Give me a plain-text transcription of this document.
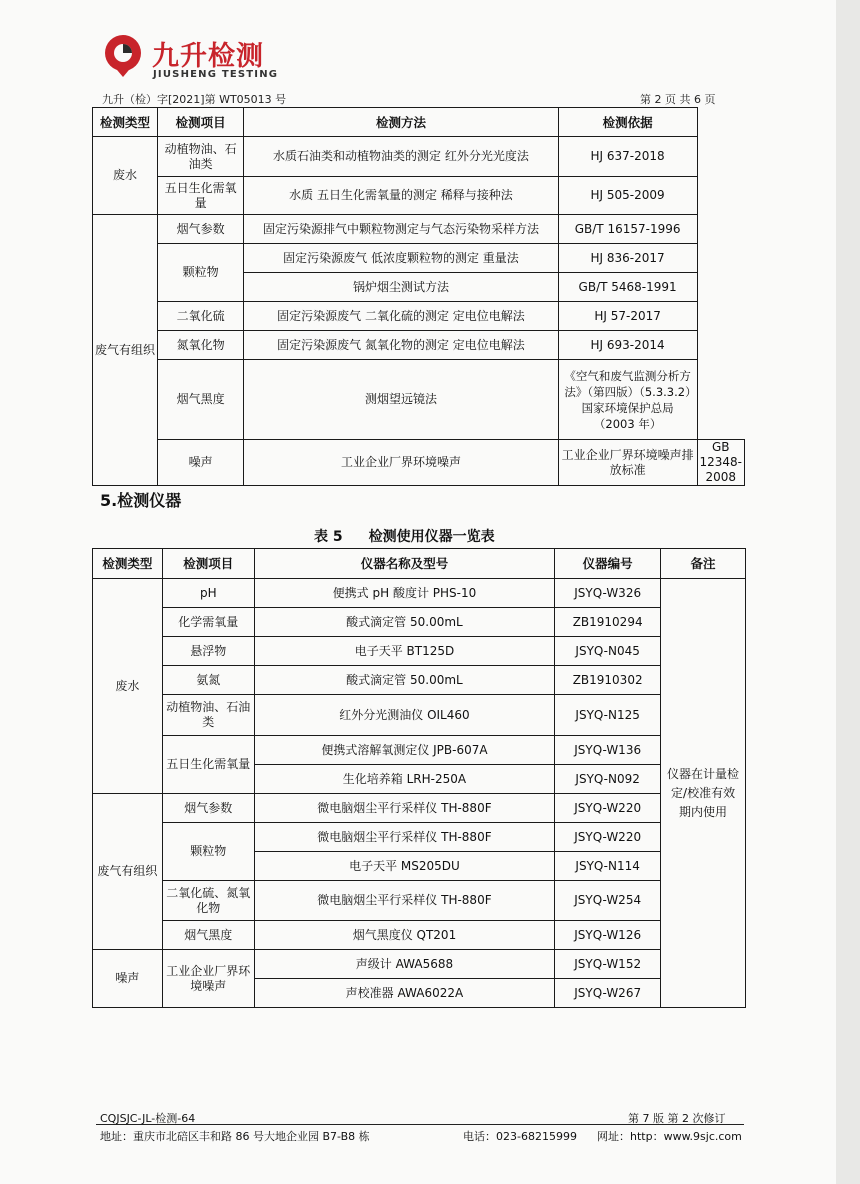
九升检测
JIUSHENG TESTING
九升（检）字[2021]第 WT05013 号	第 2 页 共 6 页
检测类型	检测项目	检测方法	检测依据	
废水	动植物油、石油类	水质石油类和动植物油类的测定 红外分光光度法	HJ 637-2018	
	五日生化需氧量	水质 五日生化需氧量的测定 稀释与接种法	HJ 505-2009	
废气有组织	烟气参数	固定污染源排气中颗粒物测定与气态污染物采样方法	GB/T 16157-1996	
	颗粒物	固定污染源废气 低浓度颗粒物的测定 重量法	HJ 836-2017	
		锅炉烟尘测试方法	GB/T 5468-1991	
	二氧化硫	固定污染源废气 二氧化硫的测定 定电位电解法	HJ 57-2017	
	氮氧化物	固定污染源废气 氮氧化物的测定 定电位电解法	HJ 693-2014	
	烟气黑度	测烟望远镜法	《空气和废气监测分析方法》（第四版）（5.3.3.2）国家环境保护总局（2003 年）	
	噪声	工业企业厂界环境噪声	工业企业厂界环境噪声排放标准	GB 12348-2008
5.检测仪器
表 5 检测使用仪器一览表
检测类型	检测项目	仪器名称及型号	仪器编号	备注
废水	pH	便携式 pH 酸度计 PHS-10	JSYQ-W326	仪器在计量检定/校准有效期内使用
	化学需氧量	酸式滴定管 50.00mL	ZB1910294	
	悬浮物	电子天平 BT125D	JSYQ-N045	
	氨氮	酸式滴定管 50.00mL	ZB1910302	
	动植物油、石油类	红外分光测油仪 OIL460	JSYQ-N125	
	五日生化需氧量	便携式溶解氧测定仪 JPB-607A	JSYQ-W136	
		生化培养箱 LRH-250A	JSYQ-N092	
废气有组织	烟气参数	微电脑烟尘平行采样仪 TH-880F	JSYQ-W220	
	颗粒物	微电脑烟尘平行采样仪 TH-880F	JSYQ-W220	
		电子天平 MS205DU	JSYQ-N114	
	二氧化硫、氮氧化物	微电脑烟尘平行采样仪 TH-880F	JSYQ-W254	
	烟气黑度	烟气黑度仪 QT201	JSYQ-W126	
噪声	工业企业厂界环境噪声	声级计 AWA5688	JSYQ-W152	
		声校准器 AWA6022A	JSYQ-W267	
CQJSJC-JL-检测-64	第 7 版 第 2 次修订
地址：重庆市北碚区丰和路 86 号大地企业园 B7-B8 栋	电话：023-68215999 网址：http：www.9sjc.com
